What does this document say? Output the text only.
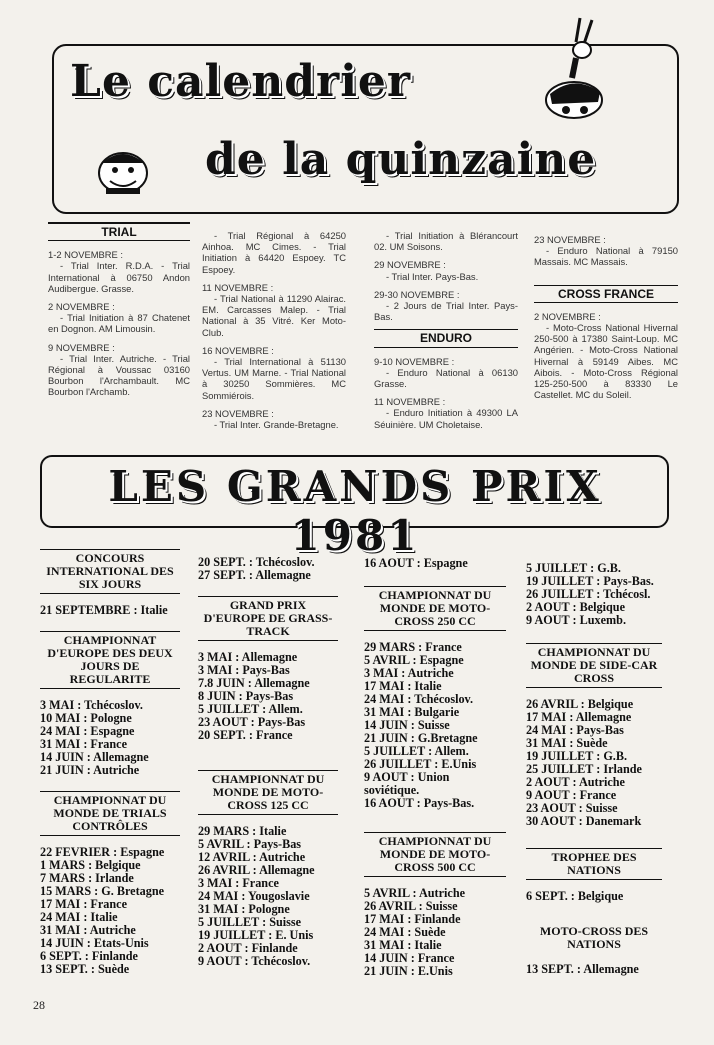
Le calendrier
de la quinzaine
TRIAL

1-2 NOVEMBRE :
- Trial Inter. R.D.A. - Trial International à 06750 Andon Audibergue. Grasse.

2 NOVEMBRE :
- Trial Initiation à 87 Chatenet en Dognon. AM Limousin.

9 NOVEMBRE :
- Trial Inter. Autriche. - Trial Régional à Voussac 03160 Bourbon l'Archambault. MC Bourbon l'Archamb.

- Trial Régional à 64250 Ainhoa. MC Cimes. - Trial Initiation à 64420 Espoey. TC Espoey.

11 NOVEMBRE :
- Trial National à 11290 Alairac. EM. Carcasses Malep. - Trial National à 35 Vitré. Ker Moto-Club.

16 NOVEMBRE :
- Trial International à 51130 Vertus. UM Marne. - Trial National à 30250 Sommières. MC Sommiérois.

23 NOVEMBRE :
- Trial Inter. Grande-Bretagne.

- Trial Initiation à Blérancourt 02. UM Soisons.

29 NOVEMBRE :
- Trial Inter. Pays-Bas.

29-30 NOVEMBRE :
- 2 Jours de Trial Inter. Pays-Bas.

ENDURO

9-10 NOVEMBRE :
- Enduro National à 06130 Grasse.

11 NOVEMBRE :
- Enduro Initiation à 49300 LA Séuinière. UM Choletaise.

23 NOVEMBRE :
- Enduro National à 79150 Massais. MC Massais.

CROSS FRANCE

2 NOVEMBRE :
- Moto-Cross National Hivernal 250-500 à 17380 Saint-Loup. MC Angérien. - Moto-Cross National Hivernal à 59149 Aibes. MC Aibois. - Moto-Cross Régional 125-250-500 à 83330 Le Castellet. MC du Soleil.

LES GRANDS PRIX 1981
CONCOURS INTERNATIONAL DES SIX JOURS
21 SEPTEMBRE : Italie
CHAMPIONNAT D'EUROPE DES DEUX JOURS DE REGULARITE
3 MAI : Tchécoslov.
10 MAI : Pologne
24 MAI : Espagne
31 MAI : France
14 JUIN : Allemagne
21 JUIN : Autriche
CHAMPIONNAT DU MONDE DE TRIALS CONTRÔLES
22 FEVRIER : Espagne
1 MARS : Belgique
7 MARS : Irlande
15 MARS : G. Bretagne
17 MAI : France
24 MAI : Italie
31 MAI : Autriche
14 JUIN : Etats-Unis
6 SEPT. : Finlande
13 SEPT. : Suède
20 SEPT. : Tchécoslov.
27 SEPT. : Allemagne
GRAND PRIX D'EUROPE DE GRASS-TRACK
3 MAI : Allemagne
3 MAI : Pays-Bas
7.8 JUIN : Allemagne
8 JUIN : Pays-Bas
5 JUILLET : Allem.
23 AOUT : Pays-Bas
20 SEPT. : France
CHAMPIONNAT DU MONDE DE MOTO-CROSS 125 CC
29 MARS : Italie
5 AVRIL : Pays-Bas
12 AVRIL : Autriche
26 AVRIL : Allemagne
3 MAI : France
24 MAI : Yougoslavie
31 MAI : Pologne
5 JUILLET : Suisse
19 JUILLET : E. Unis
2 AOUT : Finlande
9 AOUT : Tchécoslov.
16 AOUT : Espagne
CHAMPIONNAT DU MONDE DE MOTO-CROSS 250 CC
29 MARS : France
5 AVRIL : Espagne
3 MAI : Autriche
17 MAI : Italie
24 MAI : Tchécoslov.
31 MAI : Bulgarie
14 JUIN : Suisse
21 JUIN : G.Bretagne
5 JUILLET : Allem.
26 JUILLET : E.Unis
9 AOUT : Union soviétique.
16 AOUT : Pays-Bas.
CHAMPIONNAT DU MONDE DE MOTO-CROSS 500 CC
5 AVRIL : Autriche
26 AVRIL : Suisse
17 MAI : Finlande
24 MAI : Suède
31 MAI : Italie
14 JUIN : France
21 JUIN : E.Unis
5 JUILLET : G.B.
19 JUILLET : Pays-Bas.
26 JUILLET : Tchécosl.
2 AOUT : Belgique
9 AOUT : Luxemb.
CHAMPIONNAT DU MONDE DE SIDE-CAR CROSS
26 AVRIL : Belgique
17 MAI : Allemagne
24 MAI : Pays-Bas
31 MAI : Suède
19 JUILLET : G.B.
25 JUILLET : Irlande
2 AOUT : Autriche
9 AOUT : France
23 AOUT : Suisse
30 AOUT : Danemark
TROPHEE DES NATIONS
6 SEPT. : Belgique
MOTO-CROSS DES NATIONS
13 SEPT. : Allemagne
28
